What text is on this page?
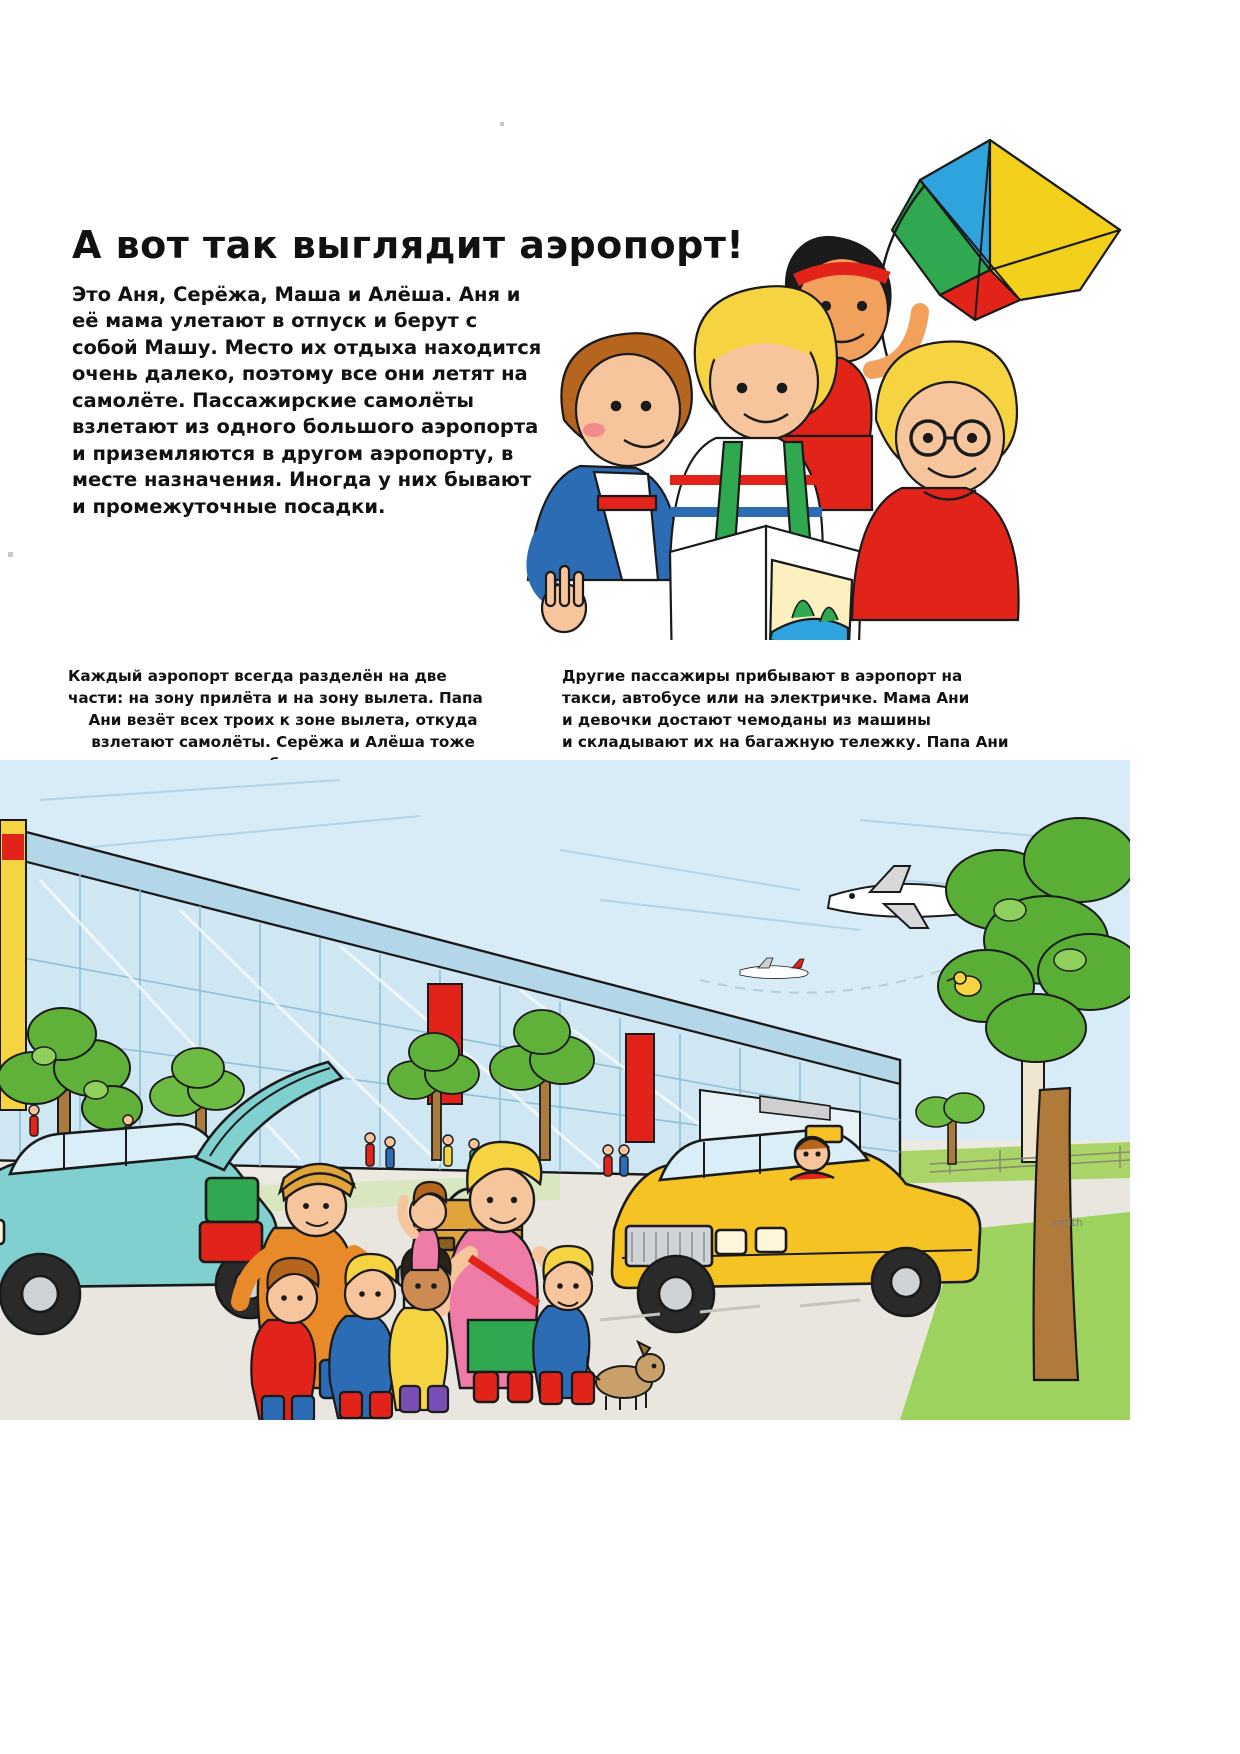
А вот так выглядит аэропорт!

Это Аня, Серёжа, Маша и Алёша. Аня и её мама улетают в отпуск и берут с собой Машу. Место их отдыха находится очень далеко, поэтому все они летят на самолёте. Пассажирские самолёты взлетают из одного большого аэропорта и приземляются в другом аэропорту, в месте назначения. Иногда у них бывают и промежуточные посадки.

Каждый аэропорт всегда разделён на две
части: на зону прилёта и на зону вылета. Папа
Ани везёт всех троих к зоне вылета, откуда
взлетают самолёты. Серёжа и Алёша тоже
Другие пассажиры прибывают в аэропорт на
такси, автобусе или на электричке. Мама Ани
и девочки достают чемоданы из машины
и складывают их на багажную тележку. Папа Ани
smith
